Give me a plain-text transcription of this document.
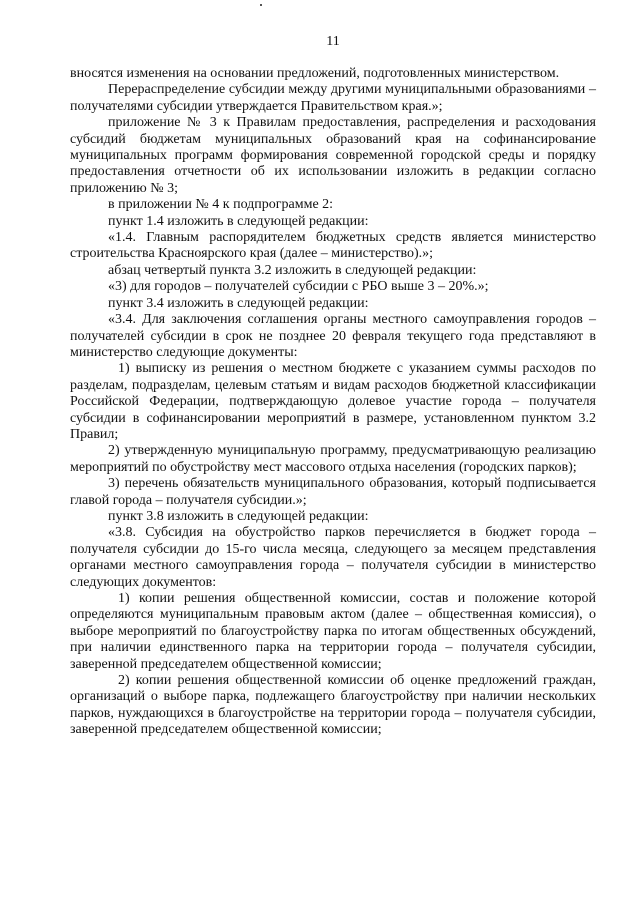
11

вносятся изменения на основании предложений, подготовленных министерством.

Перераспределение субсидии между другими муниципальными образованиями – получателями субсидии утверждается Правительством края.»;

приложение № 3 к Правилам предоставления, распределения и расходования субсидий бюджетам муниципальных образований края на софинансирование муниципальных программ формирования современной городской среды и порядку предоставления отчетности об их использовании изложить в редакции согласно приложению № 3;

в приложении № 4 к подпрограмме 2:

пункт 1.4 изложить в следующей редакции:

«1.4. Главным распорядителем бюджетных средств является министерство строительства Красноярского края (далее – министерство).»;

абзац четвертый пункта 3.2 изложить в следующей редакции:

«3) для городов – получателей субсидии с РБО выше 3 – 20%.»;

пункт 3.4 изложить в следующей редакции:

«3.4. Для заключения соглашения органы местного самоуправления городов – получателей субсидии в срок не позднее 20 февраля текущего года представляют в министерство следующие документы:

1) выписку из решения о местном бюджете с указанием суммы расходов по разделам, подразделам, целевым статьям и видам расходов бюджетной классификации Российской Федерации, подтверждающую долевое участие города – получателя субсидии в софинансировании мероприятий в размере, установленном пунктом 3.2 Правил;

2) утвержденную муниципальную программу, предусматривающую реализацию мероприятий по обустройству мест массового отдыха населения (городских парков);

3) перечень обязательств муниципального образования, который подписывается главой города – получателя субсидии.»;

пункт 3.8 изложить в следующей редакции:

«3.8. Субсидия на обустройство парков перечисляется в бюджет города – получателя субсидии до 15-го числа месяца, следующего за месяцем представления органами местного самоуправления города – получателя субсидии в министерство следующих документов:

1) копии решения общественной комиссии, состав и положение которой определяются муниципальным правовым актом (далее – общественная комиссия), о выборе мероприятий по благоустройству парка по итогам общественных обсуждений, при наличии единственного парка на территории города – получателя субсидии, заверенной председателем общественной комиссии;

2) копии решения общественной комиссии об оценке предложений граждан, организаций о выборе парка, подлежащего благоустройству при наличии нескольких парков, нуждающихся в благоустройстве на территории города – получателя субсидии, заверенной председателем общественной комиссии;
